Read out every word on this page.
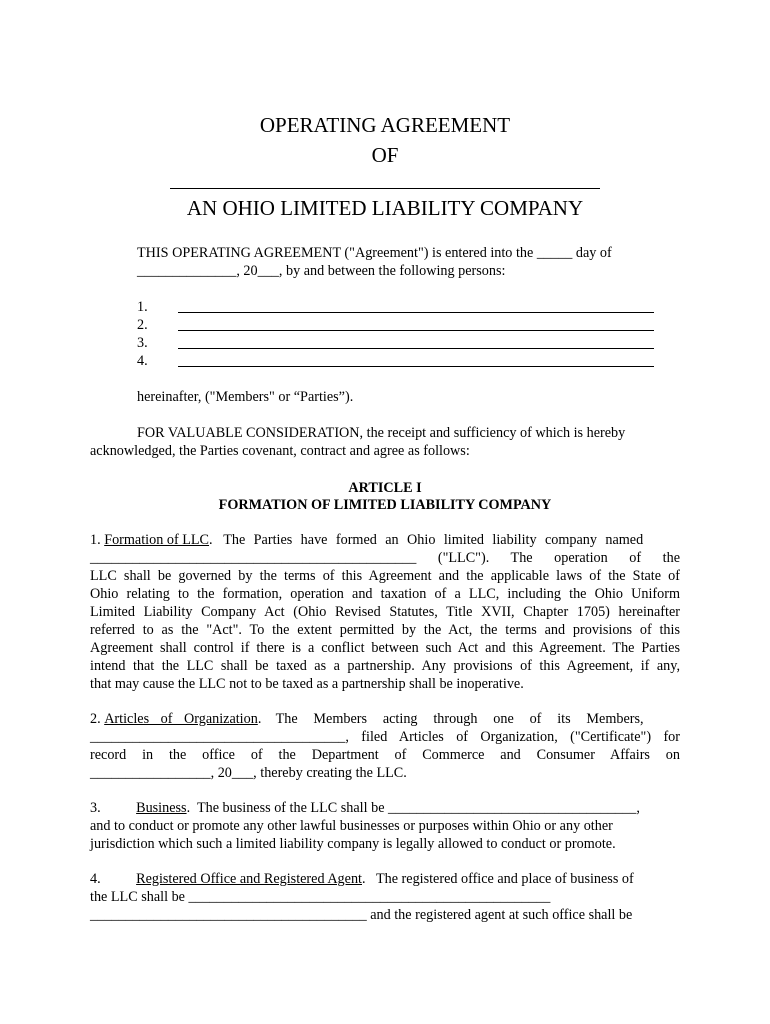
OPERATING AGREEMENT
OF
AN OHIO LIMITED LIABILITY COMPANY
THIS OPERATING AGREEMENT ("Agreement") is entered into the _____ day of
______________, 20___, by and between the following persons:
1.
2.
3.
4.
hereinafter, ("Members" or “Parties”).
FOR VALUABLE CONSIDERATION, the receipt and sufficiency of which is hereby
acknowledged, the Parties covenant, contract and agree as follows:
ARTICLE I
FORMATION OF LIMITED LIABILITY COMPANY
1. Formation of LLC.   The Parties have formed an Ohio limited liability company named
______________________________________________ ("LLC"). The operation of the
LLC shall be governed by the terms of this Agreement and the applicable laws of the State of
Ohio relating to the formation, operation and taxation of a LLC, including the Ohio Uniform
Limited Liability Company Act (Ohio Revised Statutes, Title XVII, Chapter 1705) hereinafter
referred to as the "Act". To the extent permitted by the Act, the terms and provisions of this
Agreement shall control if there is a conflict between such Act and this Agreement. The Parties
intend that the LLC shall be taxed as a partnership. Any provisions of this Agreement, if any,
that may cause the LLC not to be taxed as a partnership shall be inoperative.
2. Articles of Organization.    The Members acting through one of its Members,
____________________________________, filed Articles of Organization, ("Certificate") for
record in the office of the Department of Commerce and Consumer Affairs on
_________________, 20___, thereby creating the LLC.
3. Business.  The business of the LLC shall be ___________________________________,
and to conduct or promote any other lawful businesses or purposes within Ohio or any other
jurisdiction which such a limited liability company is legally allowed to conduct or promote.
4. Registered Office and Registered Agent.   The registered office and place of business of
the LLC shall be ___________________________________________________
_______________________________________ and the registered agent at such office shall be
